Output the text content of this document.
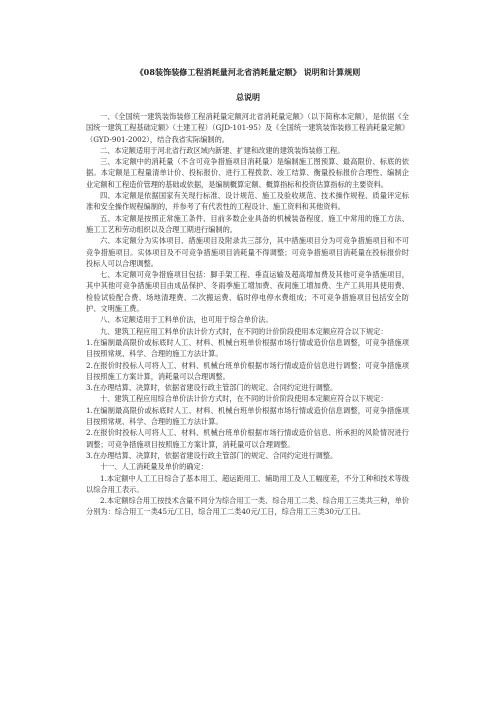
《08装饰装修工程消耗量河北省消耗量定额》 说明和计算规则
总说明

一、《全国统一建筑装饰装修工程消耗量定额河北省消耗量定额》（以下简称本定额），是依据《全国统一建筑工程基础定额》（土建工程）（GJD-101-95）及《全国统一建筑装饰装修工程消耗量定额》（GYD-901-2002），结合我省实际编制的。

二、本定额适用于河北省行政区域内新建、扩建和改建的建筑装饰装修工程。

三、本定额中的消耗量（不含可竞争措施项目消耗量）是编制施工图预算、最高限价、标底的依据。本定额是工程量清单计价、投标报价、进行工程拨款、竣工结算、衡量投标报价合理性、编制企业定额和工程造价管理的基础或依据，是编制概算定额、概算指标和投资估算指标的主要资料。

四、本定额是依据国家有关现行标准、设计规范、施工及验收规范、技术操作规程、质量评定标准和安全操作规程编制的，并参考了有代表性的工程设计、施工资料和其他资料。

五、本定额是按照正常施工条件、目前多数企业具备的机械装备程度、施工中常用的施工方法、施工工艺和劳动组织以及合理工期进行编制的。

六、本定额分为实体项目、措施项目及附录共三部分，其中措施项目分为可竞争措施项目和不可竞争措施项目。实体项目及不可竞争措施项目消耗量不得调整；可竞争措施项目消耗量在投标报价时投标人可以合理调整。

七、本定额可竞争措施项目包括：脚手架工程、垂直运输及超高增加费及其他可竞争措施项目，其中其他可竞争措施项目由成品保护、冬雨季施工增加费、夜间施工增加费、生产工具用具使用费、检验试验配合费、场地清理费、二次搬运费、临时停电停水费组成；不可竞争措施项目包括安全防护、文明施工费。

八、本定额适用于工料单价法，也可用于综合单价法。

九、建筑工程应用工料单价法计价方式时，在不同的计价阶段使用本定额应符合以下规定：

1.在编制最高限价或标底时人工、材料、机械台班单价根据市场行情或造价信息调整，可竞争措施项目按照常规、科学、合理的施工方法计算。

2.在报价时投标人可将人工、材料、机械台班单价根据市场行情或造价信息进行调整；可竞争措施项目按照施工方案计算，消耗量可以合理调整。

3.在办理结算、决算时，依据省建设行政主管部门的规定、合同约定进行调整。

十、建筑工程应用综合单价法计价方式时，在不同的计价阶段使用本定额应符合以下规定：

1.在编制最高限价或标底时人工、材料、机械台班单价根据市场行情或造价信息调整，可竞争措施项目按照常规、科学、合理的施工方法计算。

2.在报价时投标人可将人工、材料、机械台班单价根据市场行情或造价信息、所承担的风险情况进行调整；可竞争措施项目按照施工方案计算，消耗量可以合理调整。

3.在办理结算、决算时，依据省建设行政主管部门的规定、合同约定进行调整。

十一、人工消耗量及单价的确定：

1.本定额中人工工日综合了基本用工、超运距用工、辅助用工及人工幅度差，不分工种和技术等级以综合用工表示。

2.本定额综合用工按技术含量不同分为综合用工一类、综合用工二类、综合用工三类共三种，单价分别为：综合用工一类45元/工日，综合用工二类40元/工日，综合用工三类30元/工日。
